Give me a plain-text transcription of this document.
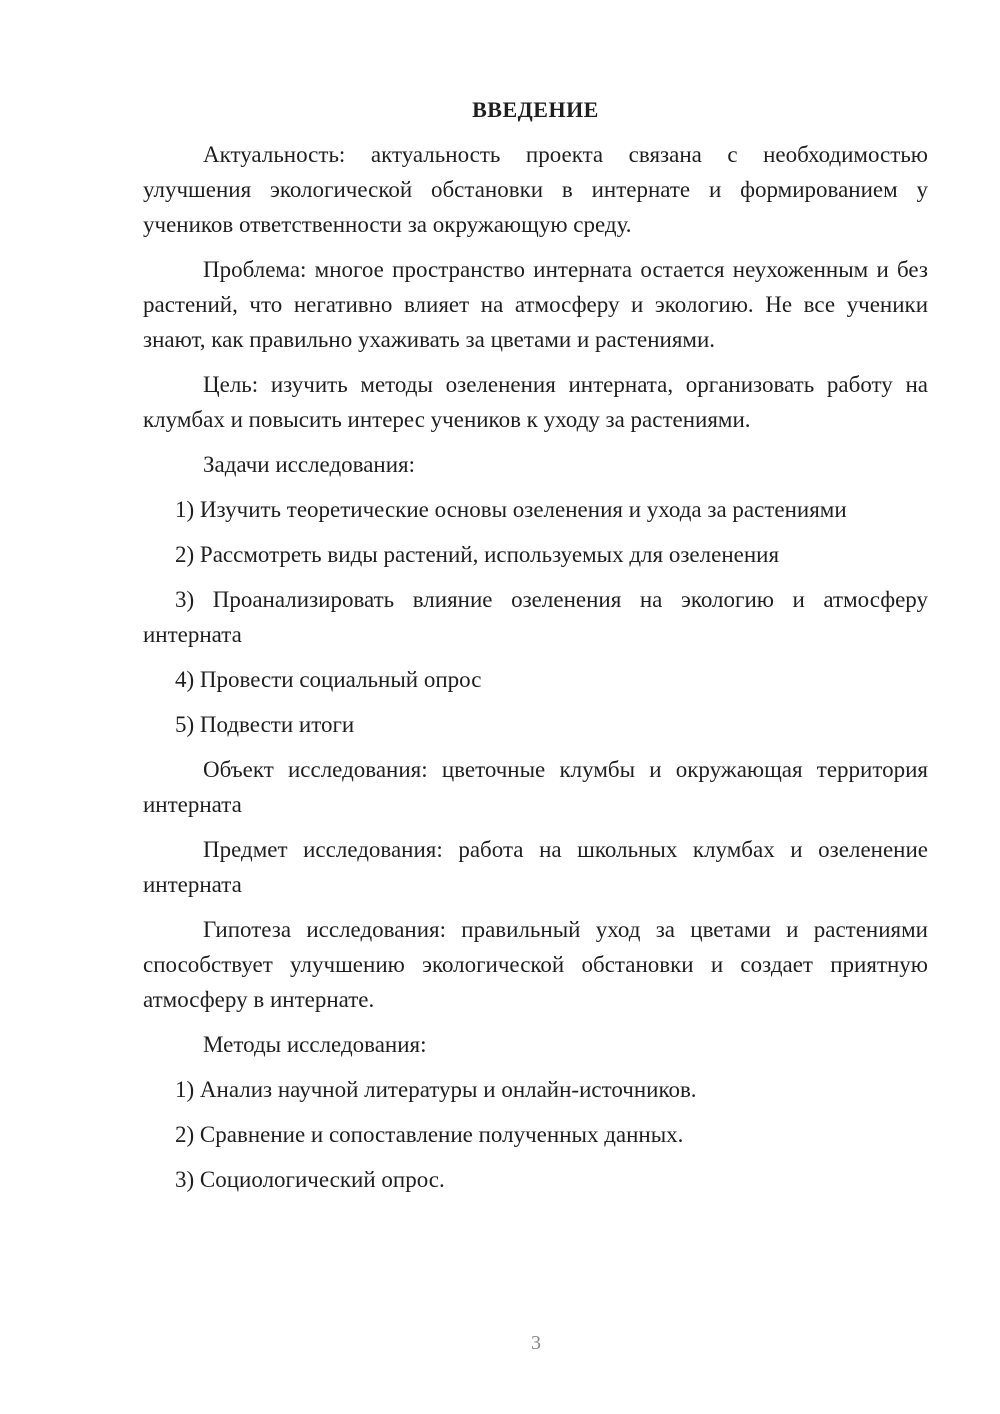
ВВЕДЕНИЕ

Актуальность: актуальность проекта связана с необходимостью улучшения экологической обстановки в интернате и формированием у учеников ответственности за окружающую среду.

Проблема: многое пространство интерната остается неухоженным и без растений, что негативно влияет на атмосферу и экологию. Не все ученики знают, как правильно ухаживать за цветами и растениями.

Цель: изучить методы озеленения интерната, организовать работу на клумбах и повысить интерес учеников к уходу за растениями.

Задачи исследования:

1) Изучить теоретические основы озеленения и ухода за растениями

2) Рассмотреть виды растений, используемых для озеленения

3) Проанализировать влияние озеленения на экологию и атмосферу интерната

4) Провести социальный опрос

5) Подвести итоги

Объект исследования: цветочные клумбы и окружающая территория интерната

Предмет исследования: работа на школьных клумбах и озеленение интерната

Гипотеза исследования: правильный уход за цветами и растениями способствует улучшению экологической обстановки и создает приятную атмосферу в интернате.

Методы исследования:

1) Анализ научной литературы и онлайн-источников.

2) Сравнение и сопоставление полученных данных.

3) Социологический опрос.

3
